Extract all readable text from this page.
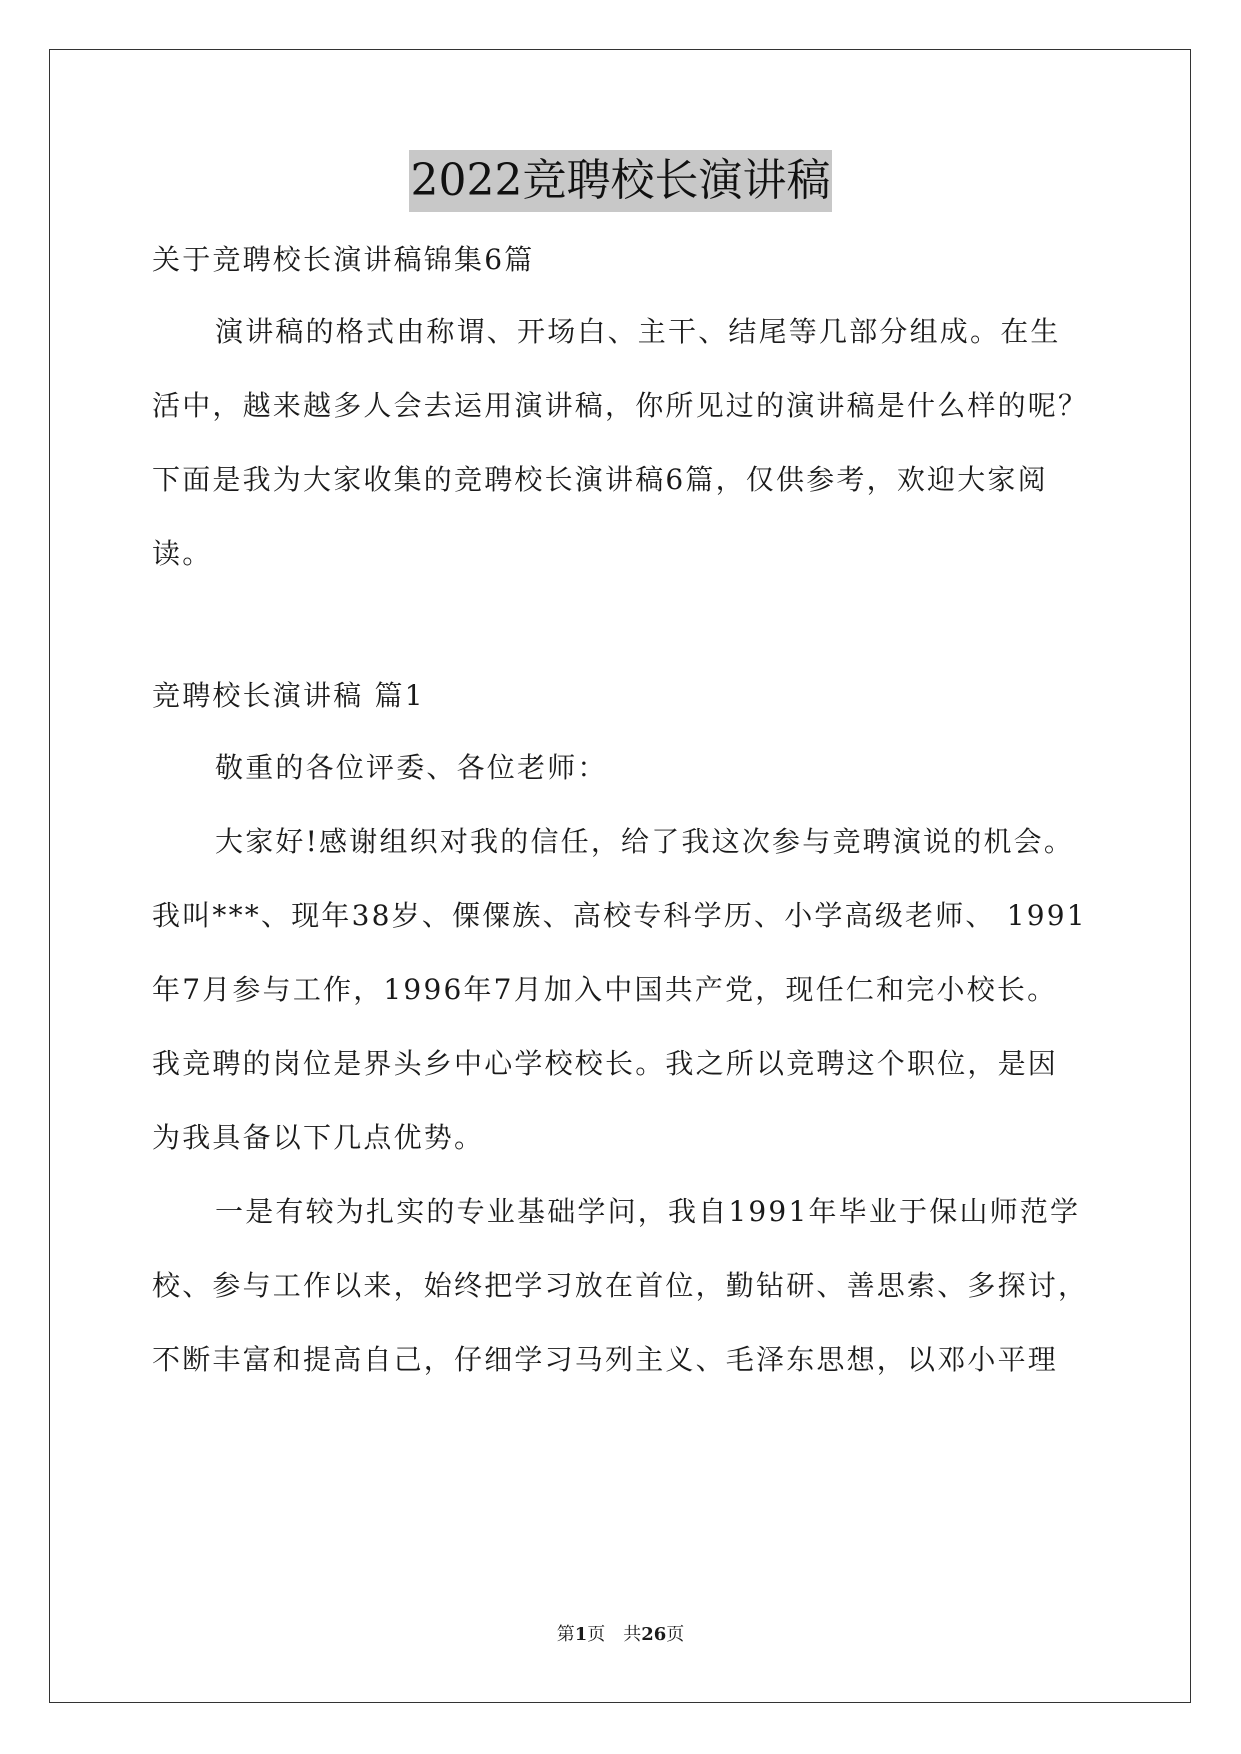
2022竞聘校长演讲稿
关于竞聘校长演讲稿锦集6篇
演讲稿的格式由称谓、开场白、主干、结尾等几部分组成。在生
活中，越来越多人会去运用演讲稿，你所见过的演讲稿是什么样的呢？
下面是我为大家收集的竞聘校长演讲稿6篇，仅供参考，欢迎大家阅
读。
竞聘校长演讲稿 篇1
敬重的各位评委、各位老师：
大家好!感谢组织对我的信任，给了我这次参与竞聘演说的机会。
我叫***、现年38岁、傈僳族、高校专科学历、小学高级老师、 1991
年7月参与工作，1996年7月加入中国共产党，现任仁和完小校长。
我竞聘的岗位是界头乡中心学校校长。我之所以竞聘这个职位，是因
为我具备以下几点优势。
一是有较为扎实的专业基础学问，我自1991年毕业于保山师范学
校、参与工作以来，始终把学习放在首位，勤钻研、善思索、多探讨，
不断丰富和提高自己，仔细学习马列主义、毛泽东思想，以邓小平理
第1页　共26页
